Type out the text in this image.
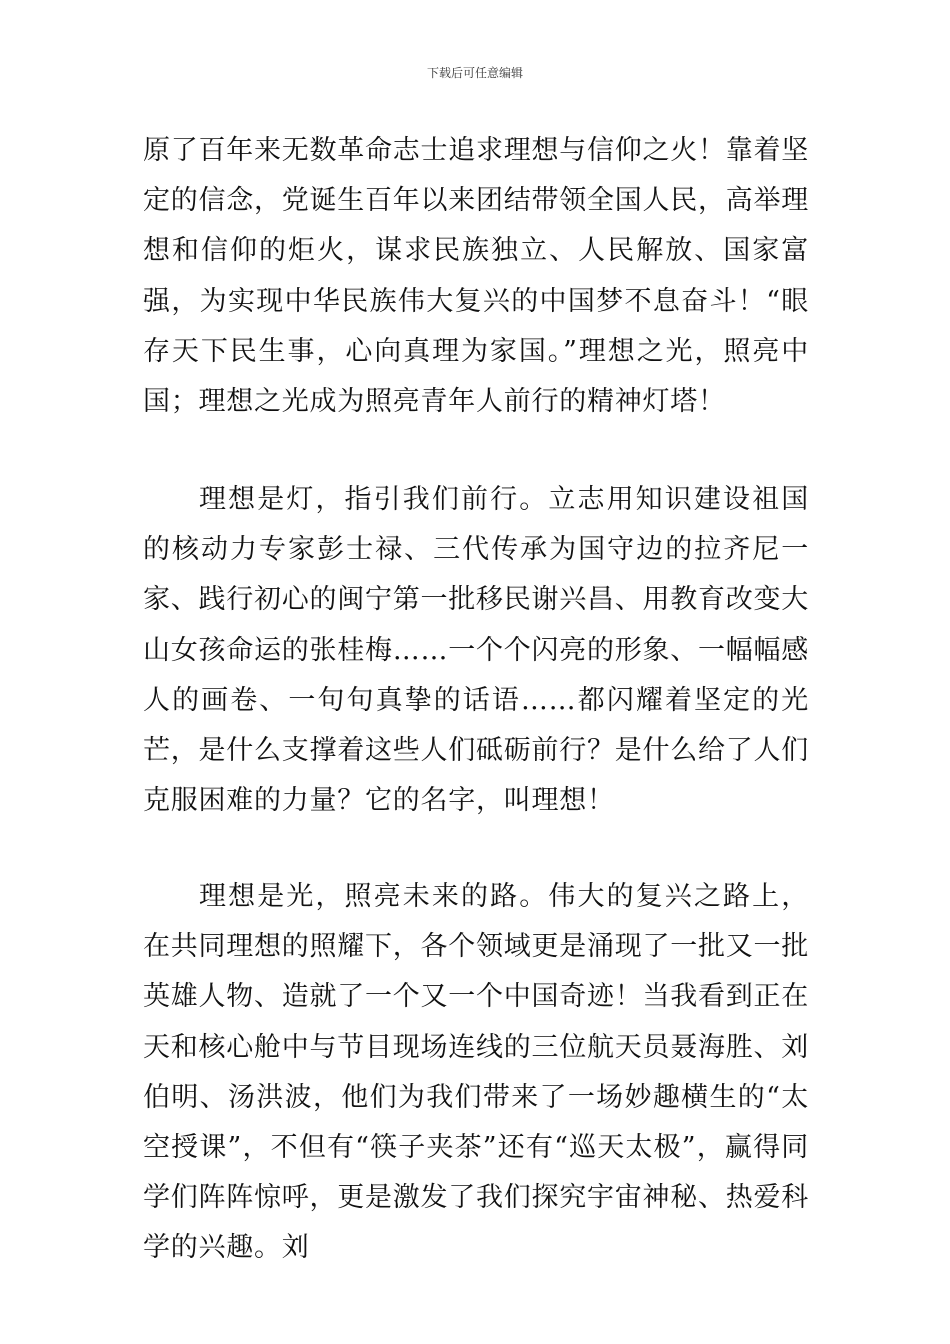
下载后可任意编辑

原了百年来无数革命志士追求理想与信仰之火！靠着坚定的信念，党诞生百年以来团结带领全国人民，高举理想和信仰的炬火，谋求民族独立、人民解放、国家富强，为实现中华民族伟大复兴的中国梦不息奋斗！“眼存天下民生事，心向真理为家国。”理想之光，照亮中国；理想之光成为照亮青年人前行的精神灯塔！

理想是灯，指引我们前行。立志用知识建设祖国的核动力专家彭士禄、三代传承为国守边的拉齐尼一家、践行初心的闽宁第一批移民谢兴昌、用教育改变大山女孩命运的张桂梅……一个个闪亮的形象、一幅幅感人的画卷、一句句真挚的话语……都闪耀着坚定的光芒，是什么支撑着这些人们砥砺前行？是什么给了人们克服困难的力量？它的名字，叫理想！

理想是光，照亮未来的路。伟大的复兴之路上，在共同理想的照耀下，各个领域更是涌现了一批又一批英雄人物、造就了一个又一个中国奇迹！当我看到正在天和核心舱中与节目现场连线的三位航天员聂海胜、刘伯明、汤洪波，他们为我们带来了一场妙趣横生的“太空授课”，不但有“筷子夹茶”还有“巡天太极”，赢得同学们阵阵惊呼，更是激发了我们探究宇宙神秘、热爱科学的兴趣。刘
